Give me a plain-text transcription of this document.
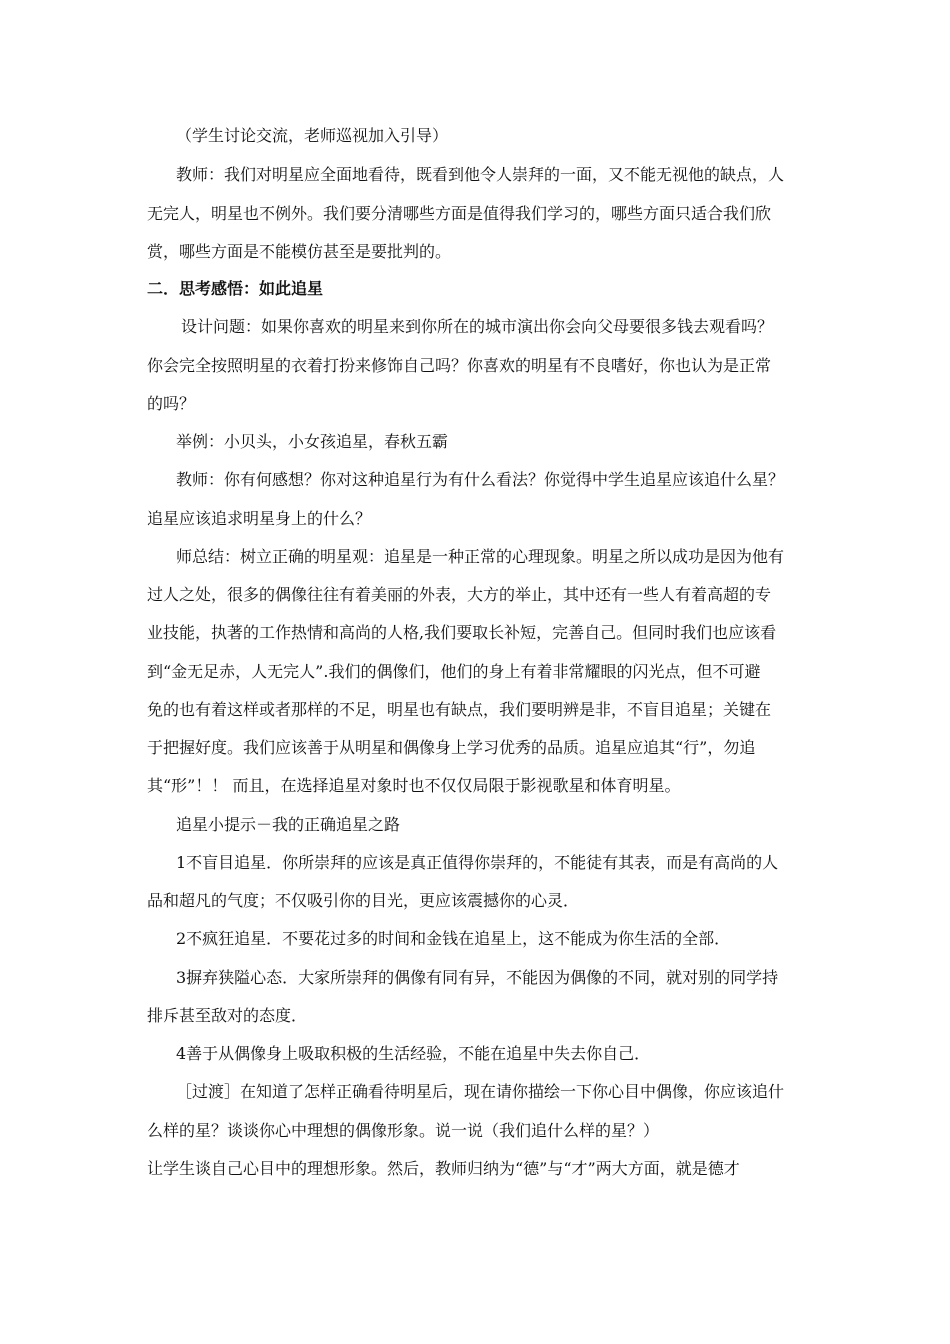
（学生讨论交流，老师巡视加入引导）
教师：我们对明星应全面地看待，既看到他令人崇拜的一面，又不能无视他的缺点，人
无完人，明星也不例外。我们要分清哪些方面是值得我们学习的，哪些方面只适合我们欣
赏，哪些方面是不能模仿甚至是要批判的。
二．思考感悟：如此追星
设计问题：如果你喜欢的明星来到你所在的城市演出你会向父母要很多钱去观看吗？
你会完全按照明星的衣着打扮来修饰自己吗？你喜欢的明星有不良嗜好，你也认为是正常
的吗？
举例：小贝头，小女孩追星，春秋五霸
教师：你有何感想？你对这种追星行为有什么看法？你觉得中学生追星应该追什么星？
追星应该追求明星身上的什么？
师总结：树立正确的明星观：追星是一种正常的心理现象。明星之所以成功是因为他有
过人之处，很多的偶像往往有着美丽的外表，大方的举止，其中还有一些人有着高超的专
业技能，执著的工作热情和高尚的人格,我们要取长补短，完善自己。但同时我们也应该看
到“金无足赤，人无完人”.我们的偶像们，他们的身上有着非常耀眼的闪光点，但不可避
免的也有着这样或者那样的不足，明星也有缺点，我们要明辨是非，不盲目追星；关键在
于把握好度。我们应该善于从明星和偶像身上学习优秀的品质。追星应追其“行”，勿追
其“形”！！ 而且，在选择追星对象时也不仅仅局限于影视歌星和体育明星。
追星小提示－我的正确追星之路
1不盲目追星．你所崇拜的应该是真正值得你崇拜的，不能徒有其表，而是有高尚的人
品和超凡的气度；不仅吸引你的目光，更应该震撼你的心灵．
2不疯狂追星．不要花过多的时间和金钱在追星上，这不能成为你生活的全部．
3摒弃狭隘心态．大家所崇拜的偶像有同有异，不能因为偶像的不同，就对别的同学持
排斥甚至敌对的态度．
4善于从偶像身上吸取积极的生活经验，不能在追星中失去你自己．
［过渡］在知道了怎样正确看待明星后，现在请你描绘一下你心目中偶像，你应该追什
么样的星？谈谈你心中理想的偶像形象。说一说（我们追什么样的星？）
让学生谈自己心目中的理想形象。然后，教师归纳为“德”与“才”两大方面，就是德才
